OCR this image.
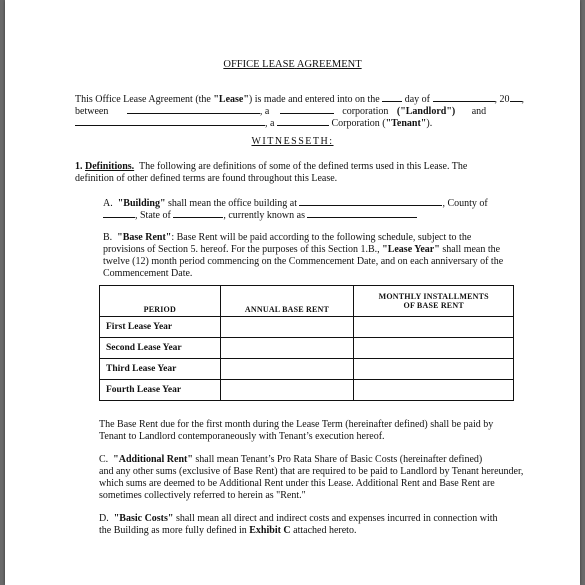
OFFICE LEASE AGREEMENT
This Office Lease Agreement (the "Lease") is made and entered into on the	day of	, 20 ,
between	, a	corporation ("Landlord") and
, a	Corporation ("Tenant").
WITNESSETH:
1. Definitions. The following are definitions of some of the defined terms used in this Lease. The
definition of other defined terms are found throughout this Lease.
A. "Building" shall mean the office building at	, County of
, State of	, currently known as
B. "Base Rent": Base Rent will be paid according to the following schedule, subject to the
provisions of Section 5. hereof. For the purposes of this Section 1.B., "Lease Year" shall mean the
twelve (12) month period commencing on the Commencement Date, and on each anniversary of the
Commencement Date.
PERIOD	ANNUAL BASE RENT	MONTHLY INSTALLMENTS
OF BASE RENT
First Lease Year		
Second Lease Year		
Third Lease Year		
Fourth Lease Year		
The Base Rent due for the first month during the Lease Term (hereinafter defined) shall be paid by
Tenant to Landlord contemporaneously with Tenant’s execution hereof.
C. "Additional Rent" shall mean Tenant’s Pro Rata Share of Basic Costs (hereinafter defined)
and any other sums (exclusive of Base Rent) that are required to be paid to Landlord by Tenant hereunder,
which sums are deemed to be Additional Rent under this Lease. Additional Rent and Base Rent are
sometimes collectively referred to herein as "Rent."
D. "Basic Costs" shall mean all direct and indirect costs and expenses incurred in connection with
the Building as more fully defined in Exhibit C attached hereto.
